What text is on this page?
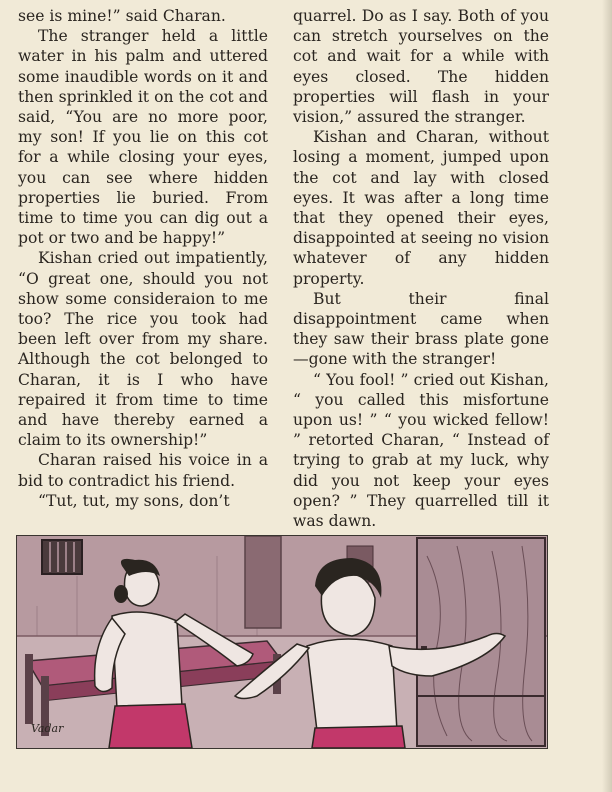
see is mine!” said Charan.

The stranger held a little water in his palm and uttered some inaudible words on it and then sprinkled it on the cot and said, “You are no more poor, my son! If you lie on this cot for a while closing your eyes, you can see where hidden properties lie buried. From time to time you can dig out a pot or two and be happy!”

Kishan cried out impatiently, “O great one, should you not show some consideraion to me too? The rice you took had been left over from my share. Although the cot belonged to Charan, it is I who have repaired it from time to time and have thereby earned a claim to its ownership!”

Charan raised his voice in a bid to contradict his friend.

“Tut, tut, my sons, don’t

quarrel. Do as I say. Both of you can stretch yourselves on the cot and wait for a while with eyes closed. The hidden properties will flash in your vision,” assured the stranger.

Kishan and Charan, without losing a moment, jumped upon the cot and lay with closed eyes. It was after a long time that they opened their eyes, disappointed at seeing no vision whatever of any hidden property.

But their final disappointment came when they saw their brass plate gone—gone with the stranger!

“ You fool! ” cried out Kishan, “ you called this misfortune upon us! ” “ you wicked fellow! ” retorted Charan, “ Instead of trying to grab at my luck, why did you not keep your eyes open? ” They quarrelled till it was dawn.

Vadar
